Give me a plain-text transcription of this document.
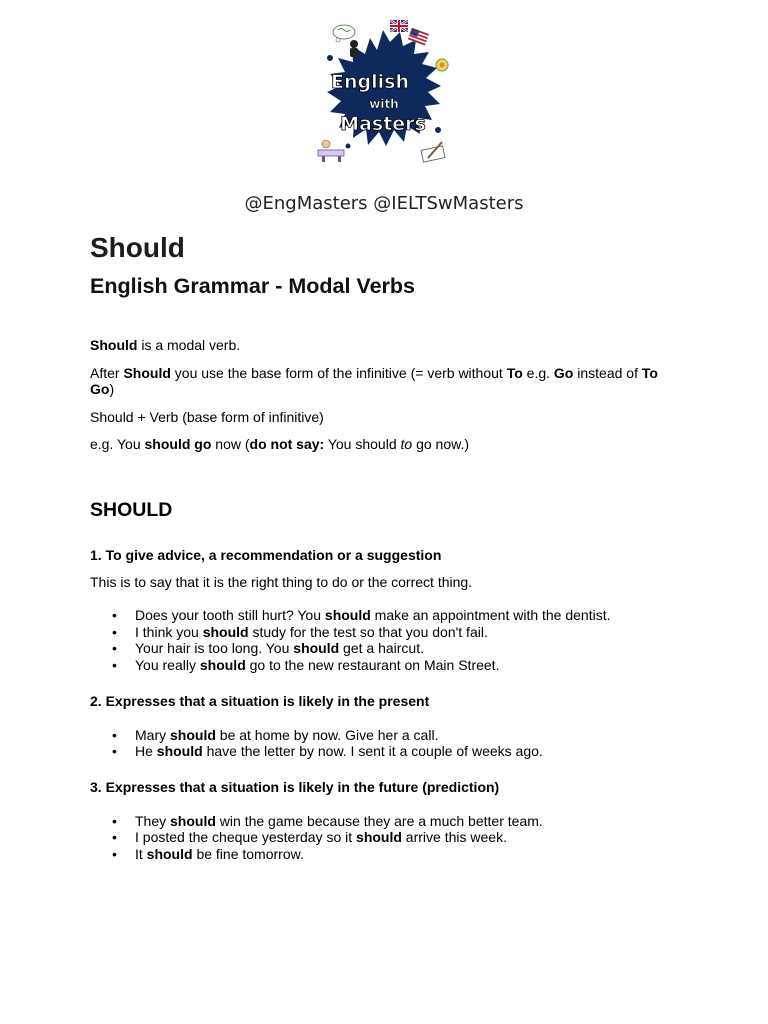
English
with
Masters
@EngMasters @IELTSwMasters
Should
English Grammar - Modal Verbs

Should is a modal verb.

After Should you use the base form of the infinitive (= verb without To e.g. Go instead of To Go)

Should + Verb (base form of infinitive)

e.g. You should go now (do not say: You should to go now.)

SHOULD
1. To give advice, a recommendation or a suggestion

This is to say that it is the right thing to do or the correct thing.

• Does your tooth still hurt? You should make an appointment with the dentist.
• I think you should study for the test so that you don't fail.
• Your hair is too long. You should get a haircut.
• You really should go to the new restaurant on Main Street.
2. Expresses that a situation is likely in the present
• Mary should be at home by now. Give her a call.
• He should have the letter by now. I sent it a couple of weeks ago.
3. Expresses that a situation is likely in the future (prediction)
• They should win the game because they are a much better team.
• I posted the cheque yesterday so it should arrive this week.
• It should be fine tomorrow.
